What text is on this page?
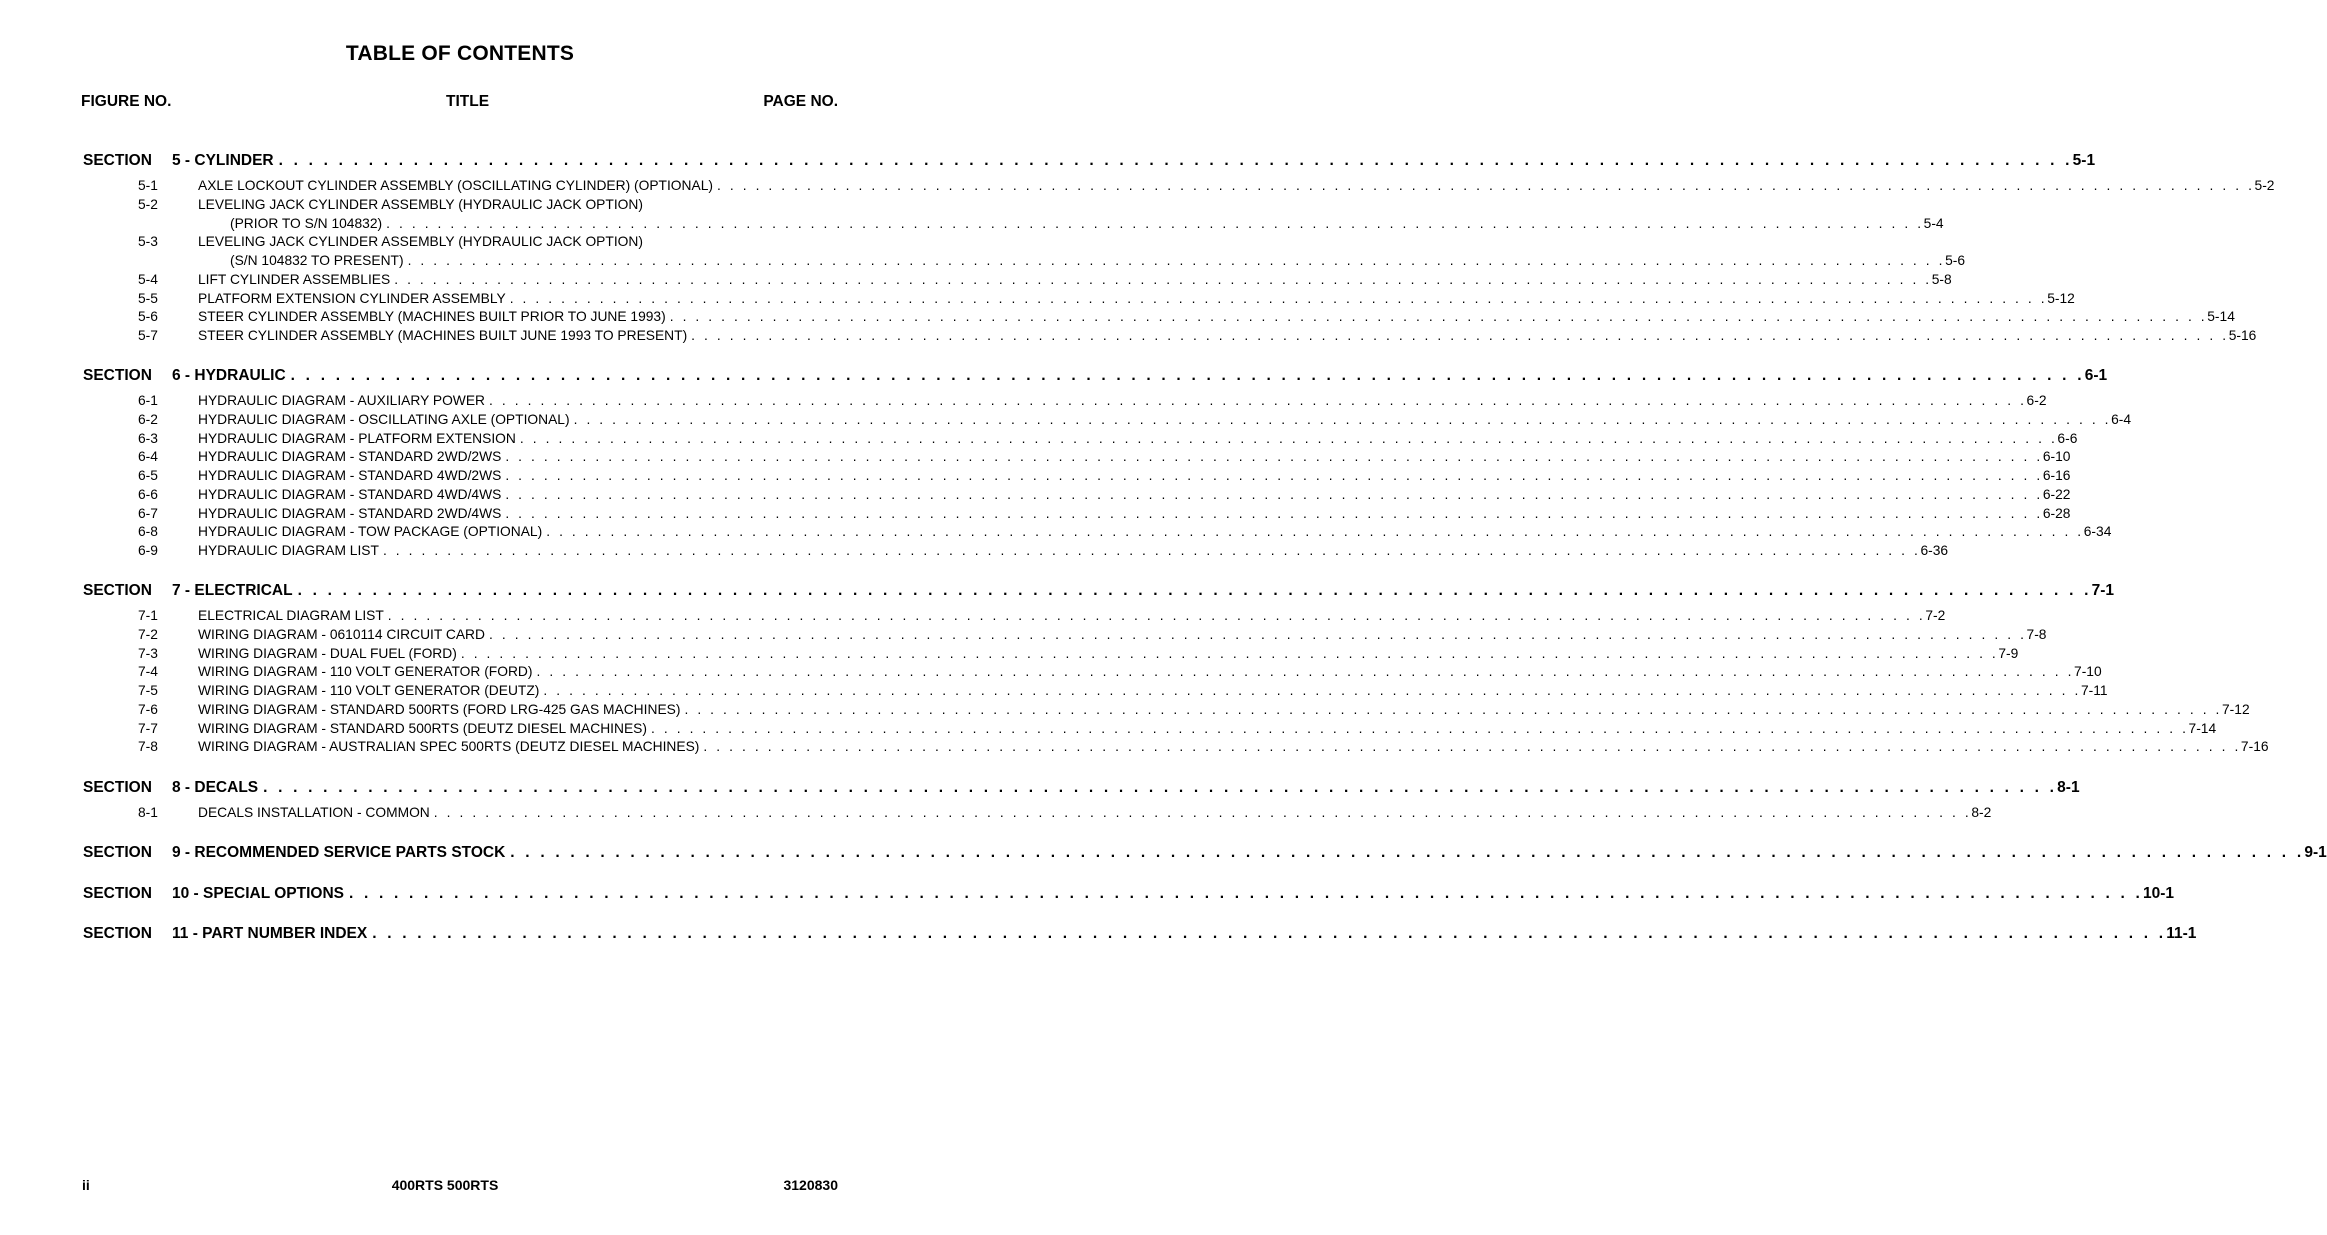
TABLE OF CONTENTS
FIGURE NO.	TITLE	PAGE NO.
SECTION	5 - CYLINDER . . . . . . . . . . . . . . . . . . . . . . . . . . . . . . . . . . . . . . . . . . . . . . . . . . . . . . . . . . . . . . . . . . . . . . . . . . . . . . . . . . . . . . . . . . . . . . . . . . . . . . . . . . . . . . . . . . . . . . . . 5-1
5-1	AXLE LOCKOUT CYLINDER ASSEMBLY (OSCILLATING CYLINDER) (OPTIONAL) . . . . . . . . . . . . . . . . . . . . . . . . . . . . . . . . . . . . . . . . . . . . . . . . . . . . . . . . . . . . . . . . . . . . . . . . . . . . . . . . . . . . . . . . . . . . . . . . . . . . . . . . . . . . . . . . . . . . . . . . 5-2
5-2	LEVELING JACK CYLINDER ASSEMBLY (HYDRAULIC JACK OPTION)
(PRIOR TO S/N 104832) . . . . . . . . . . . . . . . . . . . . . . . . . . . . . . . . . . . . . . . . . . . . . . . . . . . . . . . . . . . . . . . . . . . . . . . . . . . . . . . . . . . . . . . . . . . . . . . . . . . . . . . . . . . . . . . . . . . . . . . . 5-4
5-3	LEVELING JACK CYLINDER ASSEMBLY (HYDRAULIC JACK OPTION)
(S/N 104832 TO PRESENT) . . . . . . . . . . . . . . . . . . . . . . . . . . . . . . . . . . . . . . . . . . . . . . . . . . . . . . . . . . . . . . . . . . . . . . . . . . . . . . . . . . . . . . . . . . . . . . . . . . . . . . . . . . . . . . . . . . . . . . . . 5-6
5-4	LIFT CYLINDER ASSEMBLIES . . . . . . . . . . . . . . . . . . . . . . . . . . . . . . . . . . . . . . . . . . . . . . . . . . . . . . . . . . . . . . . . . . . . . . . . . . . . . . . . . . . . . . . . . . . . . . . . . . . . . . . . . . . . . . . . . . . . . . . . 5-8
5-5	PLATFORM EXTENSION CYLINDER ASSEMBLY . . . . . . . . . . . . . . . . . . . . . . . . . . . . . . . . . . . . . . . . . . . . . . . . . . . . . . . . . . . . . . . . . . . . . . . . . . . . . . . . . . . . . . . . . . . . . . . . . . . . . . . . . . . . . . . . . . . . . . . . 5-12
5-6	STEER CYLINDER ASSEMBLY (MACHINES BUILT PRIOR TO JUNE 1993) . . . . . . . . . . . . . . . . . . . . . . . . . . . . . . . . . . . . . . . . . . . . . . . . . . . . . . . . . . . . . . . . . . . . . . . . . . . . . . . . . . . . . . . . . . . . . . . . . . . . . . . . . . . . . . . . . . . . . . . . 5-14
5-7	STEER CYLINDER ASSEMBLY (MACHINES BUILT JUNE 1993 TO PRESENT) . . . . . . . . . . . . . . . . . . . . . . . . . . . . . . . . . . . . . . . . . . . . . . . . . . . . . . . . . . . . . . . . . . . . . . . . . . . . . . . . . . . . . . . . . . . . . . . . . . . . . . . . . . . . . . . . . . . . . . . . 5-16
SECTION	6 - HYDRAULIC . . . . . . . . . . . . . . . . . . . . . . . . . . . . . . . . . . . . . . . . . . . . . . . . . . . . . . . . . . . . . . . . . . . . . . . . . . . . . . . . . . . . . . . . . . . . . . . . . . . . . . . . . . . . . . . . . . . . . . . . 6-1
6-1	HYDRAULIC DIAGRAM - AUXILIARY POWER . . . . . . . . . . . . . . . . . . . . . . . . . . . . . . . . . . . . . . . . . . . . . . . . . . . . . . . . . . . . . . . . . . . . . . . . . . . . . . . . . . . . . . . . . . . . . . . . . . . . . . . . . . . . . . . . . . . . . . . . 6-2
6-2	HYDRAULIC DIAGRAM - OSCILLATING AXLE (OPTIONAL) . . . . . . . . . . . . . . . . . . . . . . . . . . . . . . . . . . . . . . . . . . . . . . . . . . . . . . . . . . . . . . . . . . . . . . . . . . . . . . . . . . . . . . . . . . . . . . . . . . . . . . . . . . . . . . . . . . . . . . . . 6-4
6-3	HYDRAULIC DIAGRAM - PLATFORM EXTENSION . . . . . . . . . . . . . . . . . . . . . . . . . . . . . . . . . . . . . . . . . . . . . . . . . . . . . . . . . . . . . . . . . . . . . . . . . . . . . . . . . . . . . . . . . . . . . . . . . . . . . . . . . . . . . . . . . . . . . . . . 6-6
6-4	HYDRAULIC DIAGRAM - STANDARD 2WD/2WS . . . . . . . . . . . . . . . . . . . . . . . . . . . . . . . . . . . . . . . . . . . . . . . . . . . . . . . . . . . . . . . . . . . . . . . . . . . . . . . . . . . . . . . . . . . . . . . . . . . . . . . . . . . . . . . . . . . . . . . . 6-10
6-5	HYDRAULIC DIAGRAM - STANDARD 4WD/2WS . . . . . . . . . . . . . . . . . . . . . . . . . . . . . . . . . . . . . . . . . . . . . . . . . . . . . . . . . . . . . . . . . . . . . . . . . . . . . . . . . . . . . . . . . . . . . . . . . . . . . . . . . . . . . . . . . . . . . . . . 6-16
6-6	HYDRAULIC DIAGRAM - STANDARD 4WD/4WS . . . . . . . . . . . . . . . . . . . . . . . . . . . . . . . . . . . . . . . . . . . . . . . . . . . . . . . . . . . . . . . . . . . . . . . . . . . . . . . . . . . . . . . . . . . . . . . . . . . . . . . . . . . . . . . . . . . . . . . . 6-22
6-7	HYDRAULIC DIAGRAM - STANDARD 2WD/4WS . . . . . . . . . . . . . . . . . . . . . . . . . . . . . . . . . . . . . . . . . . . . . . . . . . . . . . . . . . . . . . . . . . . . . . . . . . . . . . . . . . . . . . . . . . . . . . . . . . . . . . . . . . . . . . . . . . . . . . . . 6-28
6-8	HYDRAULIC DIAGRAM - TOW PACKAGE (OPTIONAL) . . . . . . . . . . . . . . . . . . . . . . . . . . . . . . . . . . . . . . . . . . . . . . . . . . . . . . . . . . . . . . . . . . . . . . . . . . . . . . . . . . . . . . . . . . . . . . . . . . . . . . . . . . . . . . . . . . . . . . . . 6-34
6-9	HYDRAULIC DIAGRAM LIST . . . . . . . . . . . . . . . . . . . . . . . . . . . . . . . . . . . . . . . . . . . . . . . . . . . . . . . . . . . . . . . . . . . . . . . . . . . . . . . . . . . . . . . . . . . . . . . . . . . . . . . . . . . . . . . . . . . . . . . . 6-36
SECTION	7 - ELECTRICAL . . . . . . . . . . . . . . . . . . . . . . . . . . . . . . . . . . . . . . . . . . . . . . . . . . . . . . . . . . . . . . . . . . . . . . . . . . . . . . . . . . . . . . . . . . . . . . . . . . . . . . . . . . . . . . . . . . . . . . . . 7-1
7-1	ELECTRICAL DIAGRAM LIST . . . . . . . . . . . . . . . . . . . . . . . . . . . . . . . . . . . . . . . . . . . . . . . . . . . . . . . . . . . . . . . . . . . . . . . . . . . . . . . . . . . . . . . . . . . . . . . . . . . . . . . . . . . . . . . . . . . . . . . . 7-2
7-2	WIRING DIAGRAM - 0610114 CIRCUIT CARD . . . . . . . . . . . . . . . . . . . . . . . . . . . . . . . . . . . . . . . . . . . . . . . . . . . . . . . . . . . . . . . . . . . . . . . . . . . . . . . . . . . . . . . . . . . . . . . . . . . . . . . . . . . . . . . . . . . . . . . . 7-8
7-3	WIRING DIAGRAM - DUAL FUEL (FORD) . . . . . . . . . . . . . . . . . . . . . . . . . . . . . . . . . . . . . . . . . . . . . . . . . . . . . . . . . . . . . . . . . . . . . . . . . . . . . . . . . . . . . . . . . . . . . . . . . . . . . . . . . . . . . . . . . . . . . . . . 7-9
7-4	WIRING DIAGRAM - 110 VOLT GENERATOR (FORD) . . . . . . . . . . . . . . . . . . . . . . . . . . . . . . . . . . . . . . . . . . . . . . . . . . . . . . . . . . . . . . . . . . . . . . . . . . . . . . . . . . . . . . . . . . . . . . . . . . . . . . . . . . . . . . . . . . . . . . . . 7-10
7-5	WIRING DIAGRAM - 110 VOLT GENERATOR (DEUTZ) . . . . . . . . . . . . . . . . . . . . . . . . . . . . . . . . . . . . . . . . . . . . . . . . . . . . . . . . . . . . . . . . . . . . . . . . . . . . . . . . . . . . . . . . . . . . . . . . . . . . . . . . . . . . . . . . . . . . . . . . 7-11
7-6	WIRING DIAGRAM - STANDARD 500RTS (FORD LRG-425 GAS MACHINES) . . . . . . . . . . . . . . . . . . . . . . . . . . . . . . . . . . . . . . . . . . . . . . . . . . . . . . . . . . . . . . . . . . . . . . . . . . . . . . . . . . . . . . . . . . . . . . . . . . . . . . . . . . . . . . . . . . . . . . . . 7-12
7-7	WIRING DIAGRAM - STANDARD 500RTS (DEUTZ DIESEL MACHINES) . . . . . . . . . . . . . . . . . . . . . . . . . . . . . . . . . . . . . . . . . . . . . . . . . . . . . . . . . . . . . . . . . . . . . . . . . . . . . . . . . . . . . . . . . . . . . . . . . . . . . . . . . . . . . . . . . . . . . . . . 7-14
7-8	WIRING DIAGRAM - AUSTRALIAN SPEC 500RTS (DEUTZ DIESEL MACHINES) . . . . . . . . . . . . . . . . . . . . . . . . . . . . . . . . . . . . . . . . . . . . . . . . . . . . . . . . . . . . . . . . . . . . . . . . . . . . . . . . . . . . . . . . . . . . . . . . . . . . . . . . . . . . . . . . . . . . . . . . 7-16
SECTION	8 - DECALS . . . . . . . . . . . . . . . . . . . . . . . . . . . . . . . . . . . . . . . . . . . . . . . . . . . . . . . . . . . . . . . . . . . . . . . . . . . . . . . . . . . . . . . . . . . . . . . . . . . . . . . . . . . . . . . . . . . . . . . . 8-1
8-1	DECALS INSTALLATION - COMMON . . . . . . . . . . . . . . . . . . . . . . . . . . . . . . . . . . . . . . . . . . . . . . . . . . . . . . . . . . . . . . . . . . . . . . . . . . . . . . . . . . . . . . . . . . . . . . . . . . . . . . . . . . . . . . . . . . . . . . . . 8-2
SECTION	9 - RECOMMENDED SERVICE PARTS STOCK . . . . . . . . . . . . . . . . . . . . . . . . . . . . . . . . . . . . . . . . . . . . . . . . . . . . . . . . . . . . . . . . . . . . . . . . . . . . . . . . . . . . . . . . . . . . . . . . . . . . . . . . . . . . . . . . . . . . . . . . 9-1
SECTION	10 - SPECIAL OPTIONS . . . . . . . . . . . . . . . . . . . . . . . . . . . . . . . . . . . . . . . . . . . . . . . . . . . . . . . . . . . . . . . . . . . . . . . . . . . . . . . . . . . . . . . . . . . . . . . . . . . . . . . . . . . . . . . . . . . . . . . . 10-1
SECTION	11 - PART NUMBER INDEX . . . . . . . . . . . . . . . . . . . . . . . . . . . . . . . . . . . . . . . . . . . . . . . . . . . . . . . . . . . . . . . . . . . . . . . . . . . . . . . . . . . . . . . . . . . . . . . . . . . . . . . . . . . . . . . . . . . . . . . . 11-1
ii	400RTS 500RTS	3120830
